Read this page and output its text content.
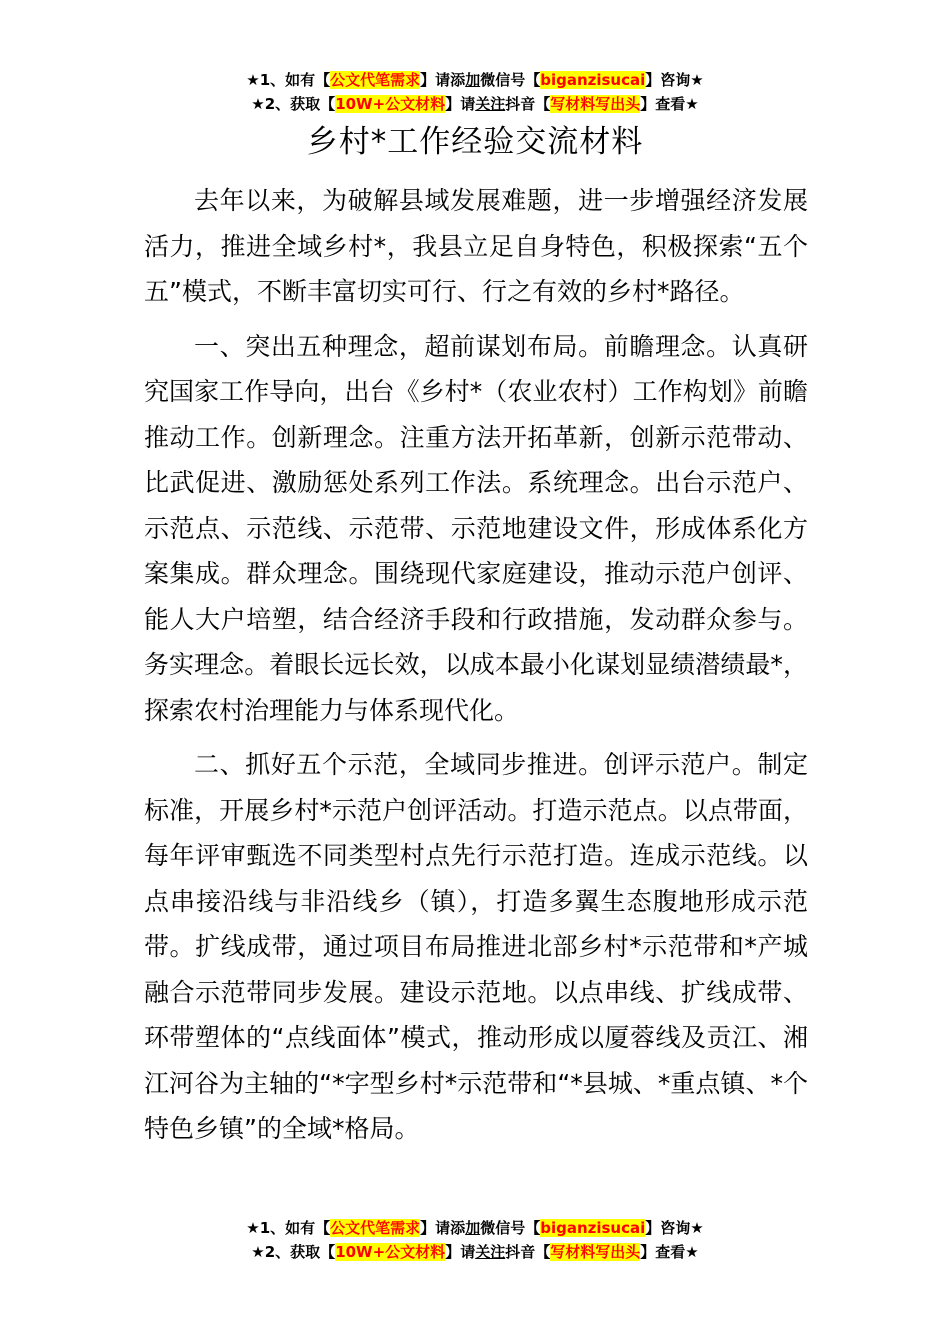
★1、如有【公文代笔需求】请添加微信号【biganzisucai】咨询★
★2、获取【10W+公文材料】请关注抖音【写材料写出头】查看★
乡村*工作经验交流材料

去年以来，为破解县域发展难题，进一步增强经济发展活力，推进全域乡村*，我县立足自身特色，积极探索“五个五”模式，不断丰富切实可行、行之有效的乡村*路径。

一、突出五种理念，超前谋划布局。前瞻理念。认真研究国家工作导向，出台《乡村*（农业农村）工作构划》前瞻推动工作。创新理念。注重方法开拓革新，创新示范带动、比武促进、激励惩处系列工作法。系统理念。出台示范户、示范点、示范线、示范带、示范地建设文件，形成体系化方案集成。群众理念。围绕现代家庭建设，推动示范户创评、能人大户培塑，结合经济手段和行政措施，发动群众参与。务实理念。着眼长远长效，以成本最小化谋划显绩潜绩最*，探索农村治理能力与体系现代化。

二、抓好五个示范，全域同步推进。创评示范户。制定标准，开展乡村*示范户创评活动。打造示范点。以点带面，每年评审甄选不同类型村点先行示范打造。连成示范线。以点串接沿线与非沿线乡（镇），打造多翼生态腹地形成示范带。扩线成带，通过项目布局推进北部乡村*示范带和*产城融合示范带同步发展。建设示范地。以点串线、扩线成带、环带塑体的“点线面体”模式，推动形成以厦蓉线及贡江、湘江河谷为主轴的“*字型乡村*示范带和“*县城、*重点镇、*个特色乡镇”的全域*格局。

★1、如有【公文代笔需求】请添加微信号【biganzisucai】咨询★
★2、获取【10W+公文材料】请关注抖音【写材料写出头】查看★
